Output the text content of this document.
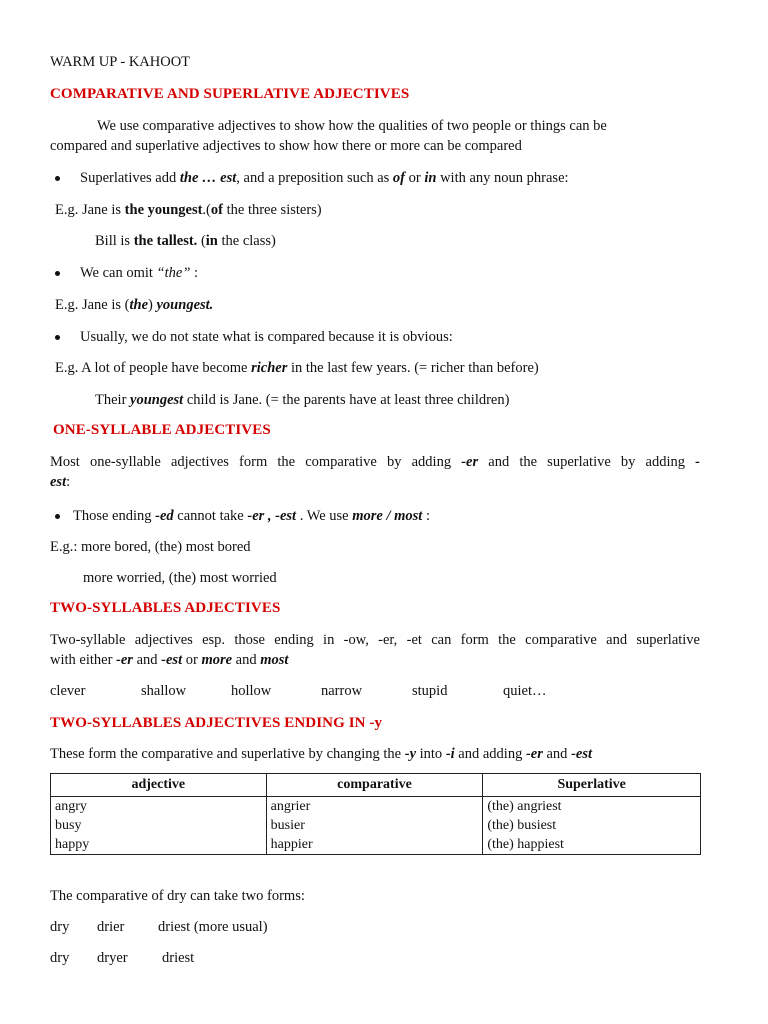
WARM UP - KAHOOT
COMPARATIVE AND SUPERLATIVE ADJECTIVES
We use comparative adjectives to show how the qualities of two people or things can be
compared and superlative adjectives to show how there or more can be compared
Superlatives add the … est, and a preposition such as of or in with any noun phrase:
E.g. Jane is the youngest.(of the three sisters)
Bill is the tallest. (in the class)
We can omit “the” :
E.g. Jane is (the) youngest.
Usually, we do not state what is compared because it is obvious:
E.g. A lot of people have become richer in the last few years. (= richer than before)
Their youngest child is Jane. (= the parents have at least three children)
ONE-SYLLABLE ADJECTIVES
Most one-syllable adjectives form the comparative by adding -er and the superlative by adding -
est:
Those ending -ed cannot take -er , -est . We use more / most :
E.g.: more bored, (the) most bored
more worried, (the) most worried
TWO-SYLLABLES ADJECTIVES
Two-syllable adjectives esp. those ending in -ow, -er, -et can form the comparative and superlative
with either -er and -est or more and most
clever	shallow	hollow	narrow	stupid	quiet…
TWO-SYLLABLES ADJECTIVES ENDING IN -y
These form the comparative and superlative by changing the -y into -i and adding -er and -est
adjective	comparative	Superlative
angry	angrier	(the) angriest
busy	busier	(the) busiest
happy	happier	(the) happiest
The comparative of dry can take two forms:
dry drier driest (more usual)
dry dryer driest
